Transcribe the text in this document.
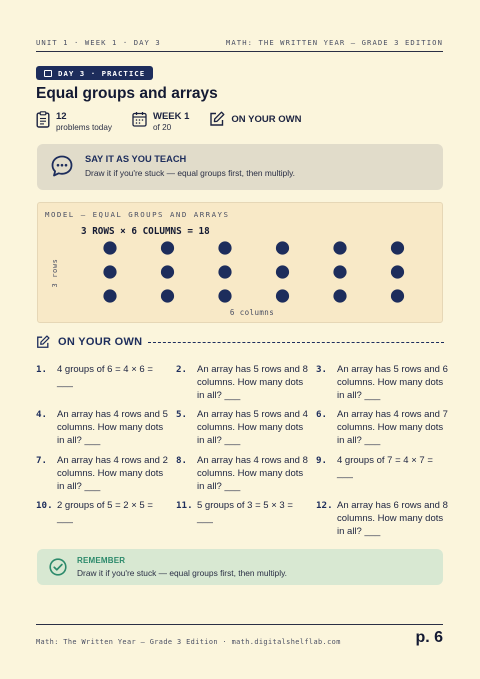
UNIT 1 · WEEK 1 · DAY 3	MATH: THE WRITTEN YEAR — GRADE 3 EDITION
DAY 3 · PRACTICE
Equal groups and arrays
12
problems today
WEEK 1
of 20
ON YOUR OWN
SAY IT AS YOU TEACH
Draw it if you're stuck — equal groups first, then multiply.
MODEL — EQUAL GROUPS AND ARRAYS
3 ROWS × 6 COLUMNS = 18
3 rows
6 columns
ON YOUR OWN
1.	4 groups of 6 = 4 × 6 = ___
2.	An array has 5 rows and 8 columns. How many dots in all? ___
3.	An array has 5 rows and 6 columns. How many dots in all? ___
4.	An array has 4 rows and 5 columns. How many dots in all? ___
5.	An array has 5 rows and 4 columns. How many dots in all? ___
6.	An array has 4 rows and 7 columns. How many dots in all? ___
7.	An array has 4 rows and 2 columns. How many dots in all? ___
8.	An array has 4 rows and 8 columns. How many dots in all? ___
9.	4 groups of 7 = 4 × 7 = ___
10. 2 groups of 5 = 2 × 5 = ___
11. 5 groups of 3 = 5 × 3 = ___
12. An array has 6 rows and 8 columns. How many dots in all? ___
REMEMBER
Draw it if you're stuck — equal groups first, then multiply.
Math: The Written Year — Grade 3 Edition · math.digitalshelflab.com	p. 6
